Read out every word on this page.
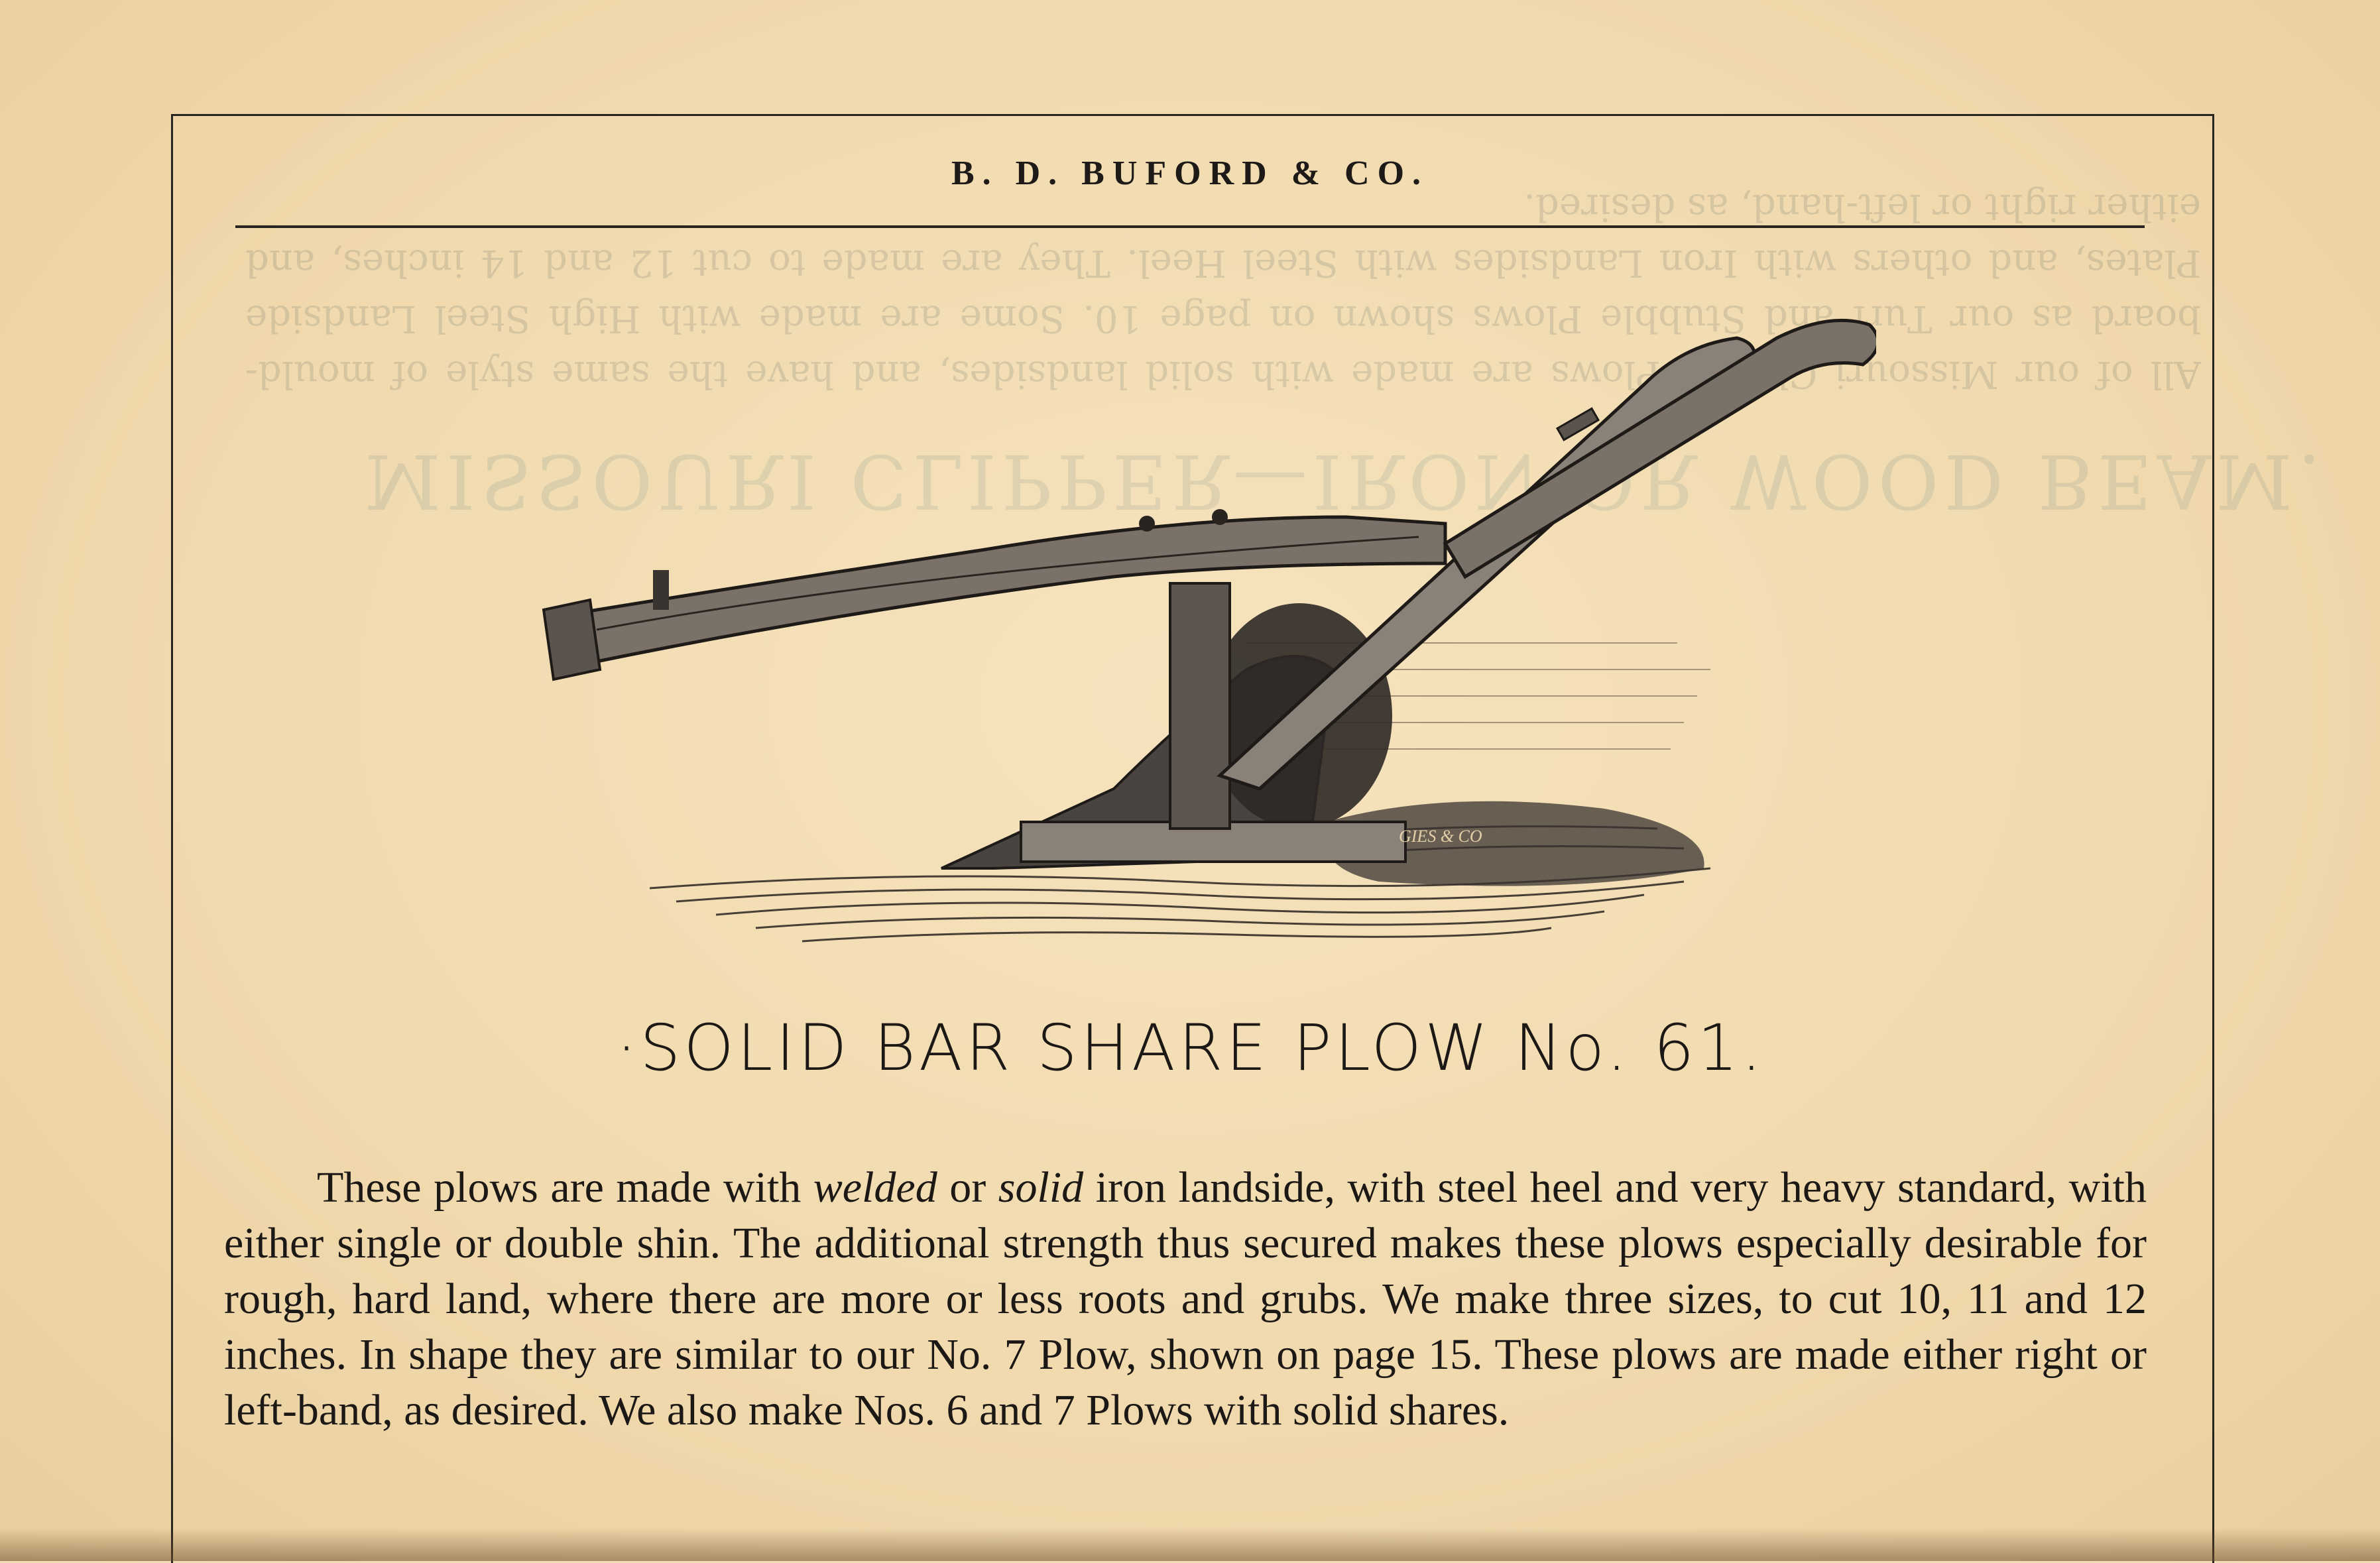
All of our Missouri Clipper Plows are made with solid landsides, and have the same style of mould-board as our Turf and Stubble Plows shown on page 10. Some are made with High Steel Landside Plates, and others with Iron Landsides with Steel Heel. They are made to cut 12 and 14 inches, and either right or left-hand, as desired.
MISSOURI CLIPPER—IRON OR WOOD BEAM.
B. D. BUFORD & CO.
GIES & CO
·SOLID BAR SHARE PLOW No. 61.

These plows are made with welded or solid iron landside, with steel heel and very heavy standard, with either single or double shin. The additional strength thus secured makes these plows especially desirable for rough, hard land, where there are more or less roots and grubs. We make three sizes, to cut 10, 11 and 12 inches. In shape they are similar to our No. 7 Plow, shown on page 15. These plows are made either right or left-band, as desired. We also make Nos. 6 and 7 Plows with solid shares.
